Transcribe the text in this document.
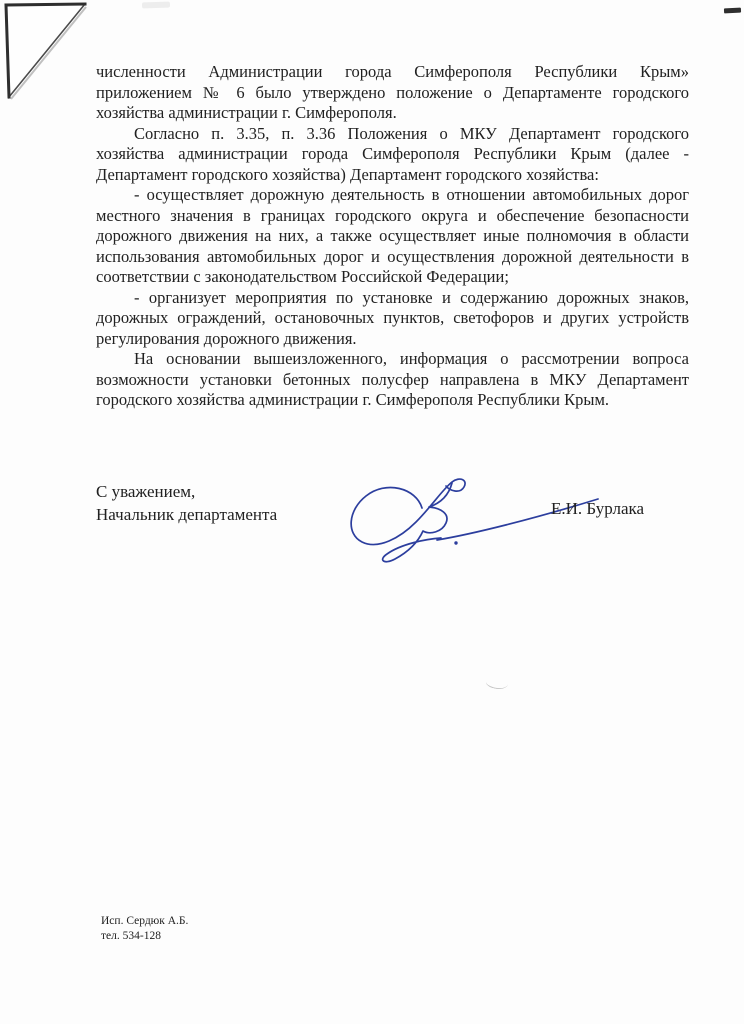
численности Администрации города Симферополя Республики Крым» приложением № 6 было утверждено положение о Департаменте городского хозяйства администрации г. Симферополя.

Согласно п. 3.35, п. 3.36 Положения о МКУ Департамент городского хозяйства администрации города Симферополя Республики Крым (далее - Департамент городского хозяйства) Департамент городского хозяйства:

- осуществляет дорожную деятельность в отношении автомобильных дорог местного значения в границах городского округа и обеспечение безопасности дорожного движения на них, а также осуществляет иные полномочия в области использования автомобильных дорог и осуществления дорожной деятельности в соответствии с законодательством Российской Федерации;

- организует мероприятия по установке и содержанию дорожных знаков, дорожных ограждений, остановочных пунктов, светофоров и других устройств регулирования дорожного движения.

На основании вышеизложенного, информация о рассмотрении вопроса возможности установки бетонных полусфер направлена в МКУ Департамент городского хозяйства администрации г. Симферополя Республики Крым.

С уважением,
Начальник департамента	Е.И. Бурлака
Исп. Сердюк А.Б.
тел. 534-128
